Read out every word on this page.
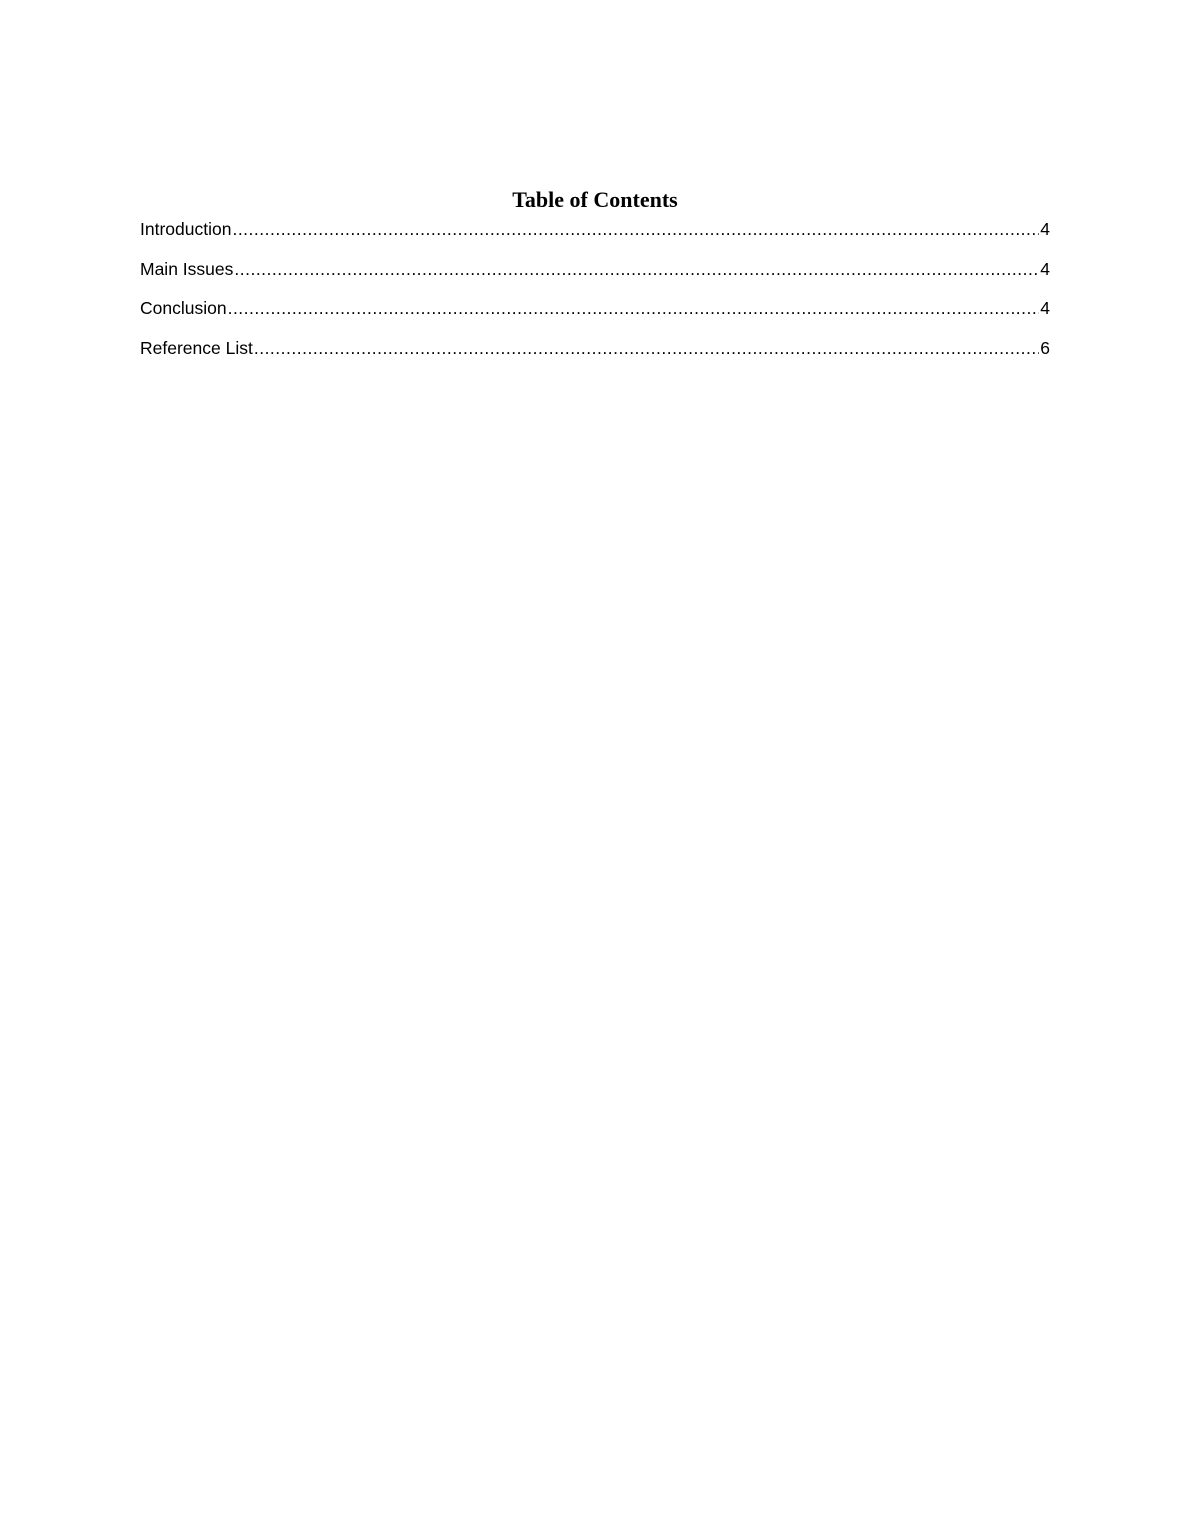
Table of Contents
Introduction .....	4
Main Issues .....	4
Conclusion .....	4
Reference List .....	6
